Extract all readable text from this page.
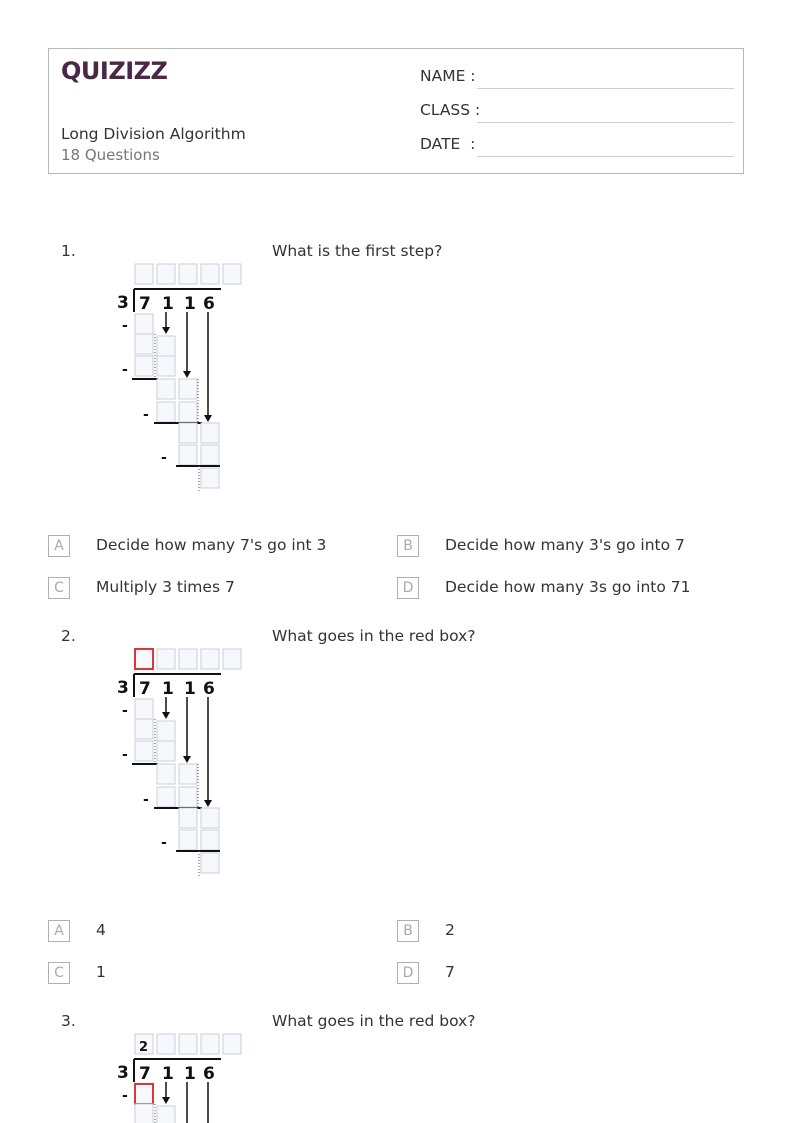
QUIZIZZ
Long Division Algorithm
18 Questions
NAME :
CLASS :
DATE  :
1.	What is the first step?
3 7 1 1 6
-
-
-
-
A	Decide how many 7's go int 3	B	Decide how many 3's go into 7
C	Multiply 3 times 7	D	Decide how many 3s go into 71
2.	What goes in the red box?
3 7 1 1 6
-
-
-
-
A	4	B	2
C	1	D	7
3.	What goes in the red box?
2
3 7 1 1 6
-
